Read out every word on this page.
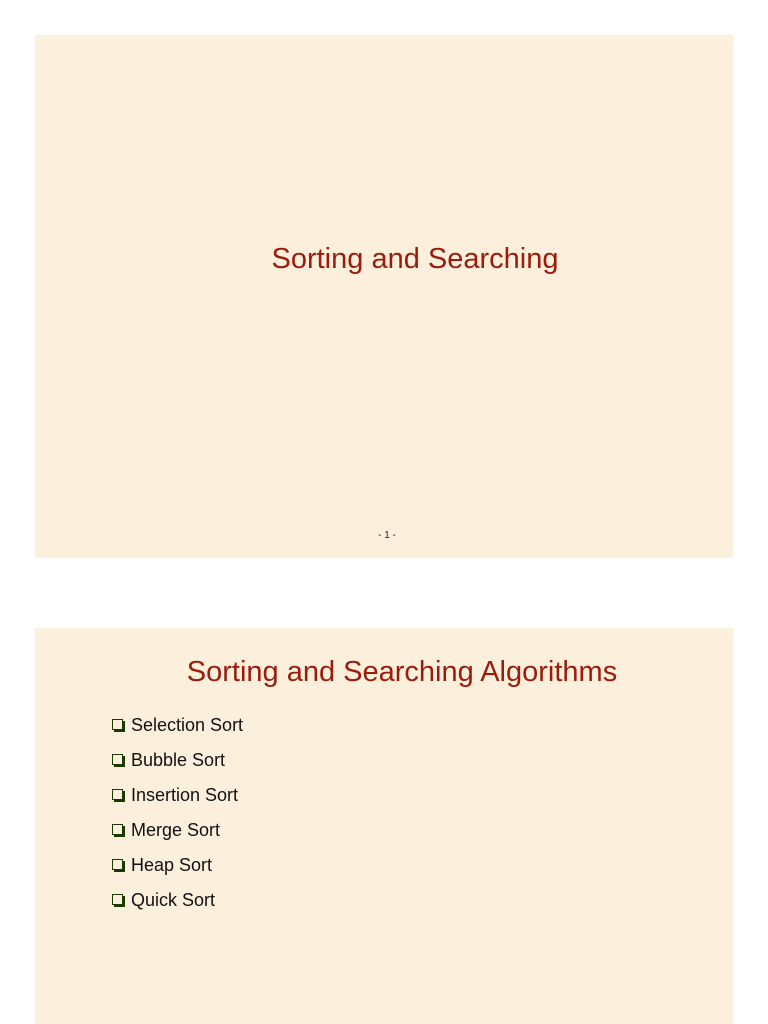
Sorting and Searching
- 1 -
Sorting and Searching Algorithms
Selection Sort
Bubble Sort
Insertion Sort
Merge Sort
Heap Sort
Quick Sort
